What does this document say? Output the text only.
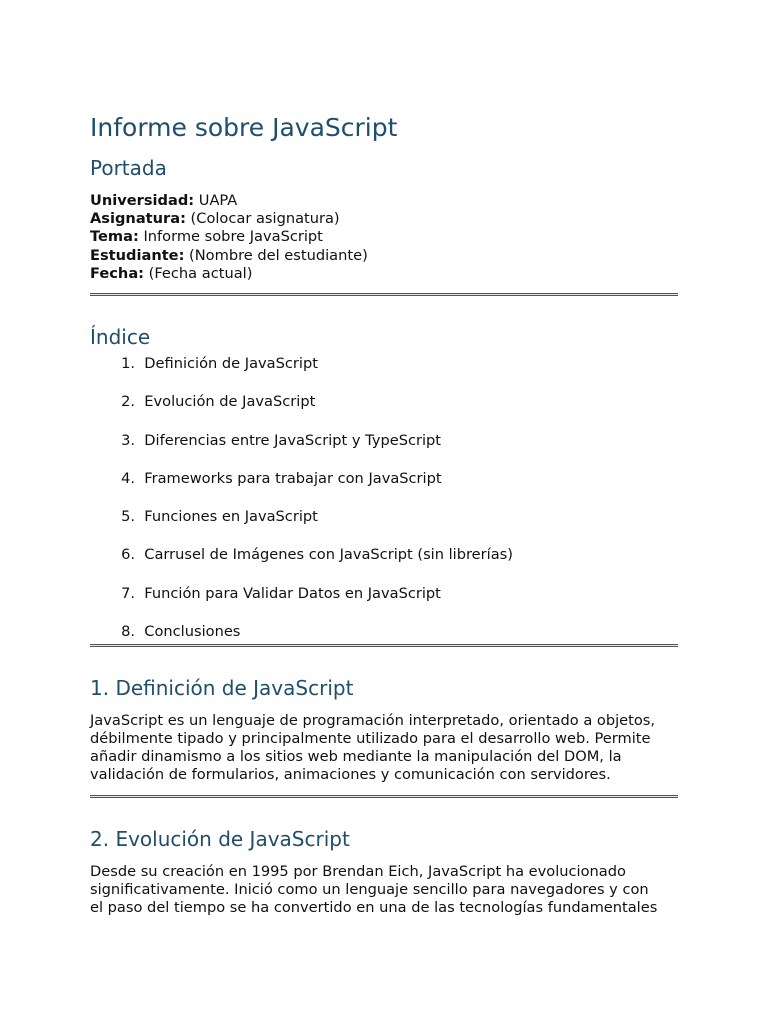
Informe sobre JavaScript
Portada
Universidad: UAPA
Asignatura: (Colocar asignatura)
Tema: Informe sobre JavaScript
Estudiante: (Nombre del estudiante)
Fecha: (Fecha actual)
Índice
1. Definición de JavaScript
2. Evolución de JavaScript
3. Diferencias entre JavaScript y TypeScript
4. Frameworks para trabajar con JavaScript
5. Funciones en JavaScript
6. Carrusel de Imágenes con JavaScript (sin librerías)
7. Función para Validar Datos en JavaScript
8. Conclusiones
1. Definición de JavaScript
JavaScript es un lenguaje de programación interpretado, orientado a objetos,
débilmente tipado y principalmente utilizado para el desarrollo web. Permite
añadir dinamismo a los sitios web mediante la manipulación del DOM, la
validación de formularios, animaciones y comunicación con servidores.
2. Evolución de JavaScript
Desde su creación en 1995 por Brendan Eich, JavaScript ha evolucionado
significativamente. Inició como un lenguaje sencillo para navegadores y con
el paso del tiempo se ha convertido en una de las tecnologías fundamentales
